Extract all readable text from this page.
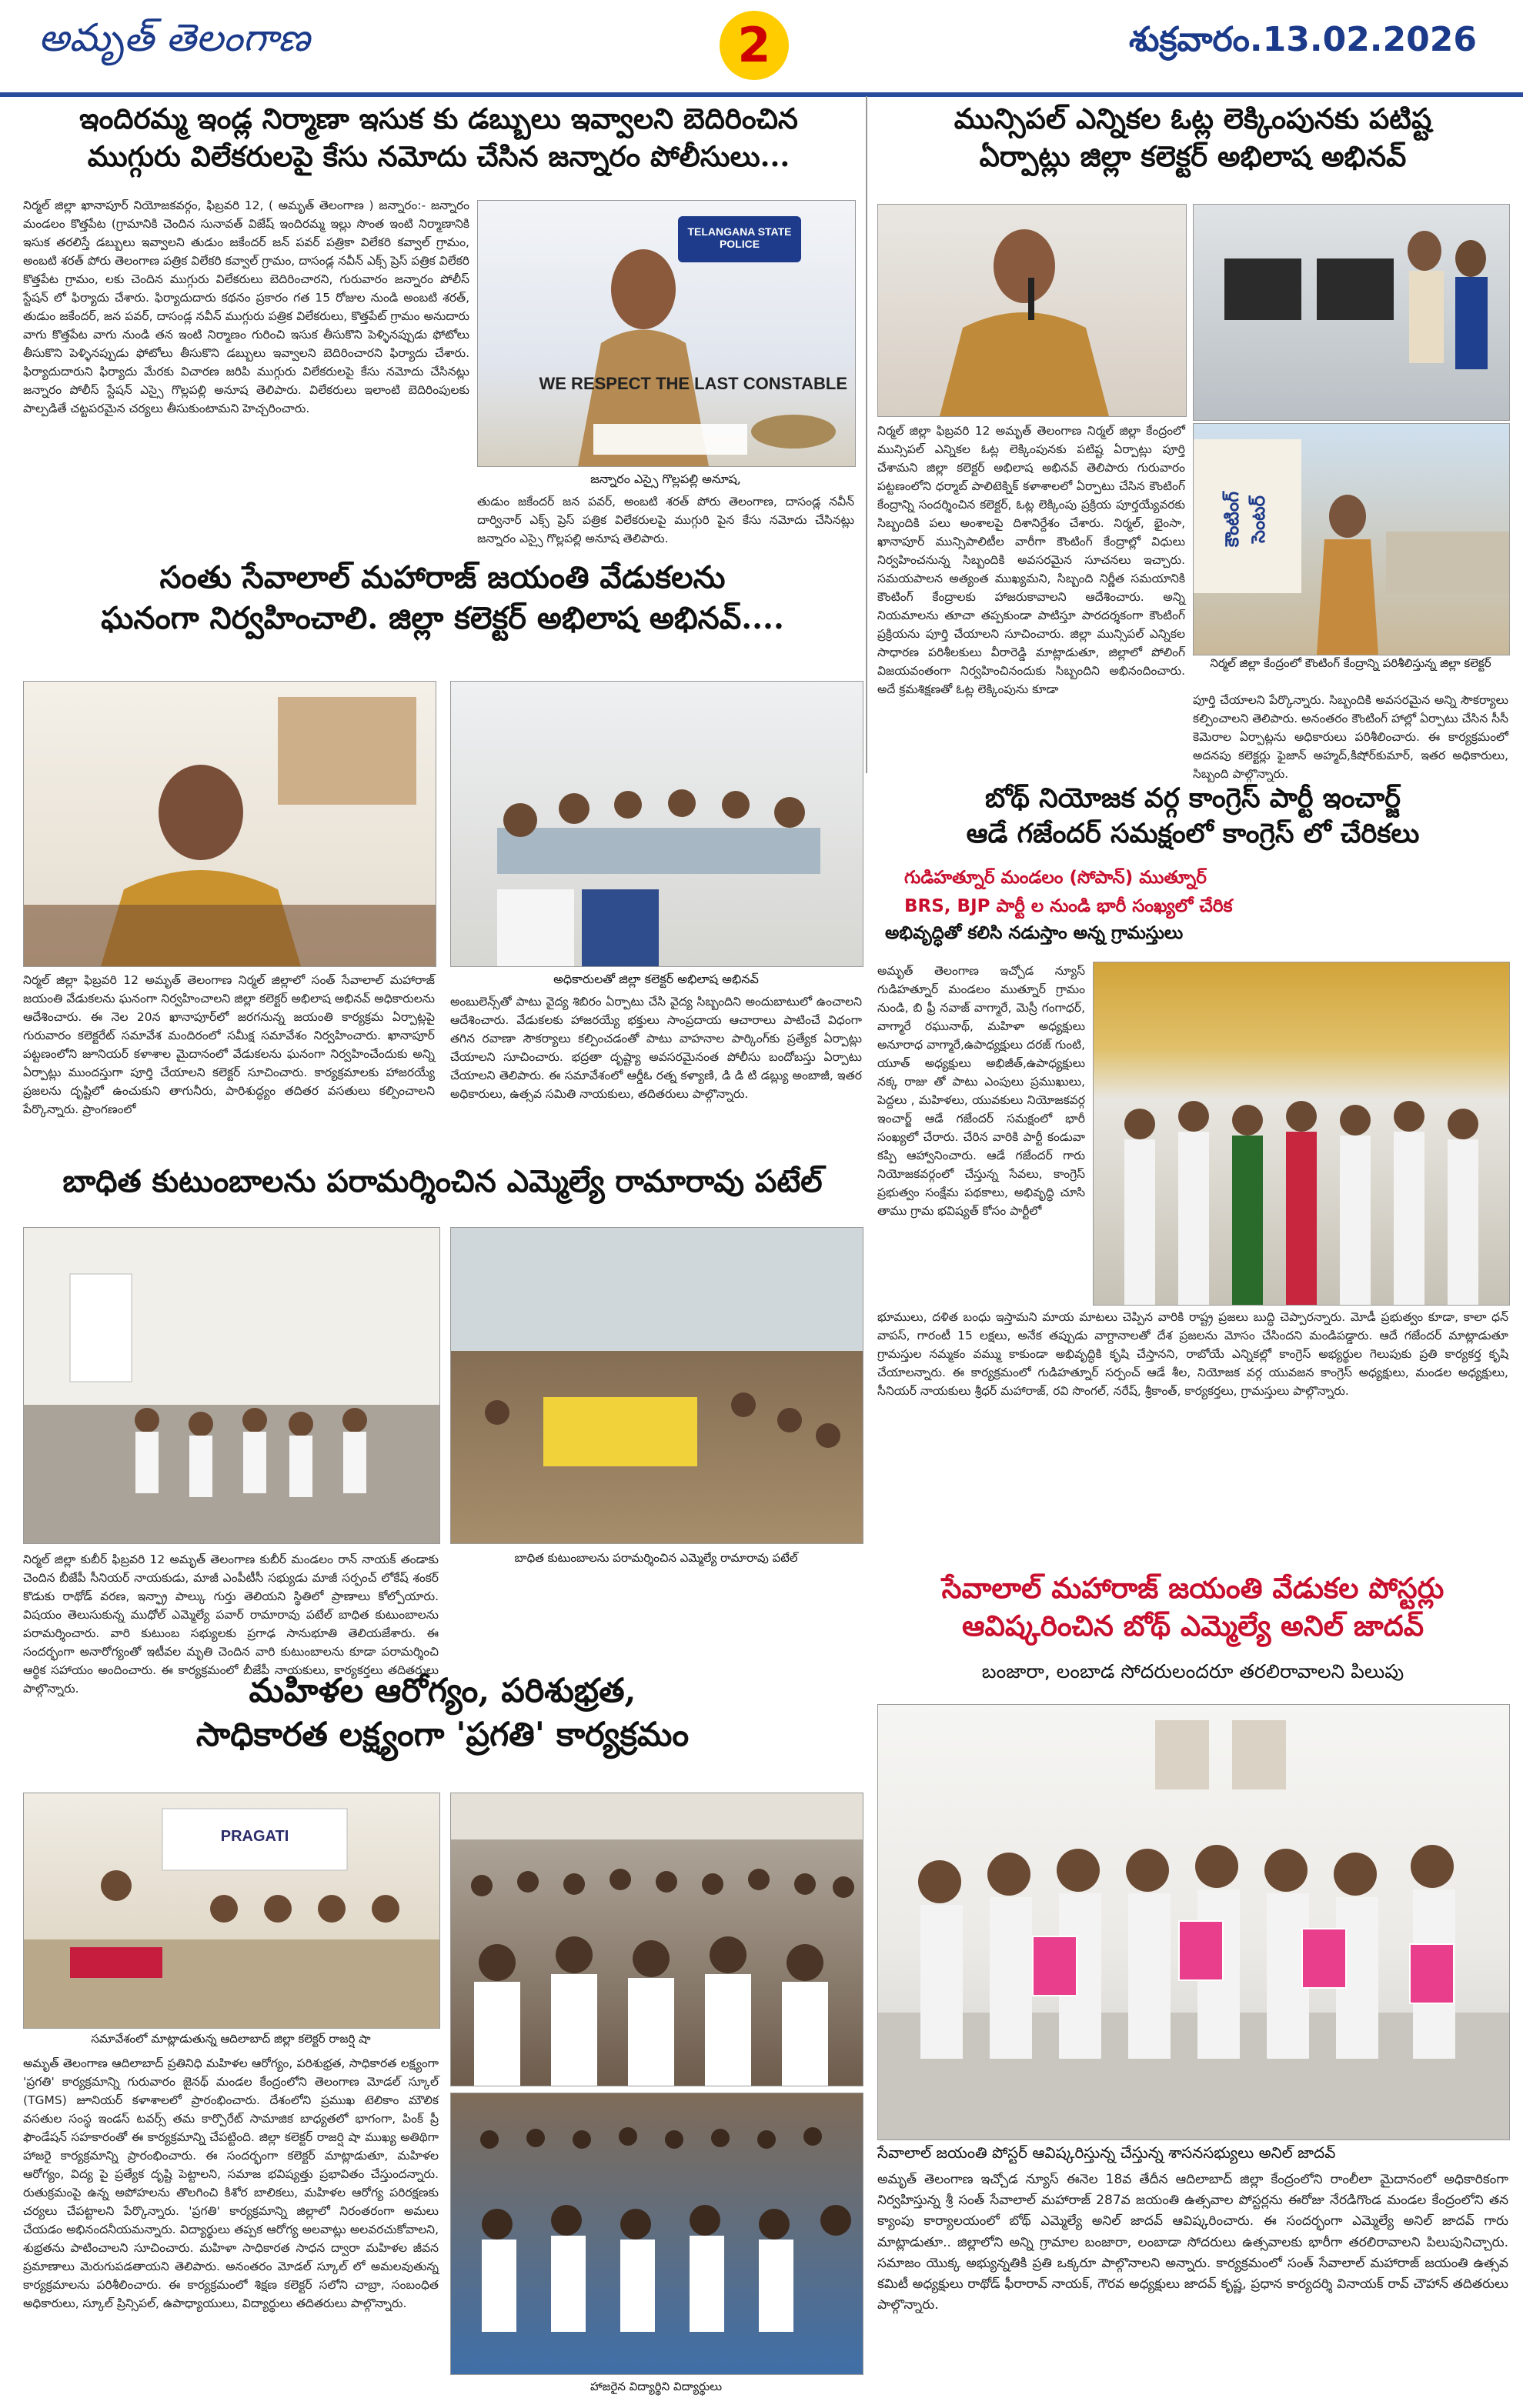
అమృత్ తెలంగాణ	2	శుక్రవారం.13.02.2026
ఇందిరమ్మ ఇండ్ల నిర్మాణా ఇసుక కు డబ్బులు ఇవ్వాలని బెదిరించిన
ముగ్గురు విలేకరులపై కేసు నమోదు చేసిన జన్నారం పోలీసులు...
నిర్మల్ జిల్లా ఖానాపూర్ నియోజకవర్గం, ఫిబ్రవరి 12, ( అమృత్ తెలంగాణ ) జన్నారం:- జన్నారం మండలం కొత్తపేట (గ్రామానికి చెందిన సునావత్ విజేష్ ఇందిరమ్మ ఇల్లు సొంత ఇంటి నిర్మాణానికి ఇసుక తరలిస్తే డబ్బులు ఇవ్వాలని తుడుం జకేందర్ జన్ పవర్ పత్రికా విలేకరి కవ్వాల్ గ్రామం, అంబటి శరత్ పోరు తెలంగాణ పత్రిక విలేకరి కవ్వాల్ గ్రామం, దాసండ్ల నవీన్ ఎక్స్ ప్రెస్ పత్రిక విలేకరి కొత్తపేట గ్రామం, లకు చెందిన ముగ్గురు విలేకరులు బెదిరించారని, గురువారం జన్నారం పోలీస్ స్టేషన్ లో ఫిర్యాదు చేశారు. ఫిర్యాదుదారు కథనం ప్రకారం గత 15 రోజుల నుండి అంబటి శరత్, తుడుం జకేందర్, జన పవర్, దాసండ్ల నవీన్ ముగ్గురు పత్రిక విలేకరులు, కొత్తపేట్ గ్రామం అనుదారు వాగు కొత్తపేట వాగు నుండి తన ఇంటి నిర్మాణం గురించి ఇసుక తీసుకొని పెళ్ళినప్పుడు ఫోటోలు తీసుకొని పెళ్ళినప్పుడు ఫోటోలు తీసుకొని డబ్బులు ఇవ్వాలని బెదిరించారని ఫిర్యాదు చేశారు. ఫిర్యాదుదారుని ఫిర్యాదు మేరకు విచారణ జరిపి ముగ్గురు విలేకరులపై కేసు నమోదు చేసినట్లు జన్నారం పోలీస్ స్టేషన్ ఎస్సై గొల్లపల్లి అనూష తెలిపారు. విలేకరులు ఇలాంటి బెదిరింపులకు పాల్పడితే చట్టపరమైన చర్యలు తీసుకుంటామని హెచ్చరించారు.
TELANGANA STATE POLICE
WE RESPECT THE LAST CONSTABLE
జన్నారం ఎస్సై గొల్లపల్లి అనూష,
తుడుం జకేందర్ జన పవర్, అంబటి శరత్ పోరు తెలంగాణ, దాసండ్ల నవీన్ దార్వినార్ ఎక్స్ ప్రెస్ పత్రిక విలేకరులపై ముగ్గురి పైన కేసు నమోదు చేసినట్లు జన్నారం ఎస్సై గొల్లపల్లి అనూష తెలిపారు.
మున్సిపల్ ఎన్నికల ఓట్ల లెక్కింపునకు పటిష్ట
ఏర్పాట్లు జిల్లా కలెక్టర్ అభిలాష అభినవ్
కౌంటింగ్ సెంటర్
నిర్మల్ జిల్లా కేంద్రంలో కౌంటింగ్ కేంద్రాన్ని పరిశీలిస్తున్న జిల్లా కలెక్టర్
నిర్మల్ జిల్లా ఫిబ్రవరి 12 అమృత్ తెలంగాణ నిర్మల్ జిల్లా కేంద్రంలో మున్సిపల్ ఎన్నికల ఓట్ల లెక్కింపునకు పటిష్ట ఏర్పాట్లు పూర్తి చేశామని జిల్లా కలెక్టర్ అభిలాష అభినవ్ తెలిపారు గురువారం పట్టణంలోని ధర్మాబ్ పాలిటెక్నిక్ కళాశాలలో ఏర్పాటు చేసిన కౌంటింగ్ కేంద్రాన్ని సందర్శించిన కలెక్టర్, ఓట్ల లెక్కింపు ప్రక్రియ పూర్తయ్యేవరకు సిబ్బందికి పలు అంశాలపై దిశానిర్దేశం చేశారు. నిర్మల్, భైంసా, ఖానాపూర్ మున్సిపాలిటీల వారీగా కౌంటింగ్ కేంద్రాల్లో విధులు నిర్వహించనున్న సిబ్బందికి అవసరమైన సూచనలు ఇచ్చారు. సమయపాలన అత్యంత ముఖ్యమని, సిబ్బంది నిర్ణీత సమయానికి కౌంటింగ్ కేంద్రాలకు హాజరుకావాలని ఆదేశించారు. అన్ని నియమాలను తూచా తప్పకుండా పాటిస్తూ పారదర్శకంగా కౌంటింగ్ ప్రక్రియను పూర్తి చేయాలని సూచించారు. జిల్లా మున్సిపల్ ఎన్నికల సాధారణ పరిశీలకులు వీరారెడ్డి మాట్లాడుతూ, జిల్లాలో పోలింగ్ విజయవంతంగా నిర్వహించినందుకు సిబ్బందిని అభినందించారు. అదే క్రమశిక్షణతో ఓట్ల లెక్కింపును కూడా
పూర్తి చేయాలని పేర్కొన్నారు. సిబ్బందికి అవసరమైన అన్ని సౌకర్యాలు కల్పించాలని తెలిపారు. అనంతరం కౌంటింగ్ హాల్లో ఏర్పాటు చేసిన సీసీ కెమెరాల ఏర్పాట్లను అధికారులు పరిశీలించారు. ఈ కార్యక్రమంలో అదనపు కలెక్టర్లు ఫైజాన్ అహ్మద్,కిషోర్‌కుమార్, ఇతర అధికారులు, సిబ్బంది పాల్గొన్నారు.
సంతు సేవాలాల్ మహారాజ్ జయంతి వేడుకలను
ఘనంగా నిర్వహించాలి. జిల్లా కలెక్టర్ అభిలాష అభినవ్....
అధికారులతో జిల్లా కలెక్టర్ అభిలాష అభినవ్
నిర్మల్ జిల్లా ఫిబ్రవరి 12 అమృత్ తెలంగాణ నిర్మల్ జిల్లాలో సంత్ సేవాలాల్ మహారాజ్ జయంతి వేడుకలను ఘనంగా నిర్వహించాలని జిల్లా కలెక్టర్ అభిలాష అభినవ్ అధికారులను ఆదేశించారు. ఈ నెల 20న ఖానాపూర్‌లో జరగనున్న జయంతి కార్యక్రమ ఏర్పాట్లపై గురువారం కలెక్టరేట్ సమావేశ మందిరంలో సమీక్ష సమావేశం నిర్వహించారు. ఖానాపూర్ పట్టణంలోని జూనియర్ కళాశాల మైదానంలో వేడుకలను ఘనంగా నిర్వహించేందుకు అన్ని ఏర్పాట్లు ముందస్తుగా పూర్తి చేయాలని కలెక్టర్ సూచించారు. కార్యక్రమాలకు హాజరయ్యే ప్రజలను దృష్టిలో ఉంచుకుని తాగునీరు, పారిశుద్ధ్యం తదితర వసతులు కల్పించాలని పేర్కొన్నారు. ప్రాంగణంలో
అంబులెన్స్‌తో పాటు వైద్య శిబిరం ఏర్పాటు చేసి వైద్య సిబ్బందిని అందుబాటులో ఉంచాలని ఆదేశించారు. వేడుకలకు హాజరయ్యే భక్తులు సాంప్రదాయ ఆచారాలు పాటించే విధంగా తగిన రవాణా సౌకర్యాలు కల్పించడంతో పాటు వాహనాల పార్కింగ్‌కు ప్రత్యేక ఏర్పాట్లు చేయాలని సూచించారు. భద్రతా దృష్ట్యా అవసరమైనంత పోలీసు బందోబస్తు ఏర్పాటు చేయాలని తెలిపారు. ఈ సమావేశంలో ఆర్డీఓ రత్న కళ్యాణి, డి డి టి డబ్ల్యు అంబాజీ, ఇతర అధికారులు, ఉత్సవ సమితి నాయకులు, తదితరులు పాల్గొన్నారు.
బోథ్ నియోజక వర్గ కాంగ్రెస్ పార్టీ ఇంచార్జ్
ఆడే గజేందర్ సమక్షంలో కాంగ్రెస్ లో చేరికలు
గుడిహత్నూర్ మండలం (సోపాన్) ముత్నూర్
BRS, BJP పార్టీ ల నుండి భారీ సంఖ్యలో చేరిక
అభివృద్ధితో కలిసి నడుస్తాం అన్న గ్రామస్తులు
అమృత్ తెలంగాణ ఇచ్చోడ న్యూస్ గుడిహత్నూర్ మండలం ముత్నూర్ గ్రామం నుండి, బి ఫ్రీ నవాజ్ వాగ్మారే, మెస్రీ గంగాధర్, వాగ్మారే రఘునాథ్, మహిళా అధ్యక్షులు అనూరాధ వాగ్మారే,ఉపాధ్యక్షులు దరజ్ గుంటి, యూత్ అధ్యక్షులు అభిజీత్,ఉపాధ్యక్షులు నక్క రాజు తో పాటు ఎంపులు ప్రముఖులు, పెద్దలు , మహిళలు, యువకులు నియోజకవర్గ ఇంచార్జ్ ఆడే గజేందర్ సమక్షంలో భారీ సంఖ్యలో చేరారు. చేరిన వారికి పార్టీ కండువా కప్పి ఆహ్వానించారు. ఆడే గజేందర్ గారు నియోజకవర్గంలో చేస్తున్న సేవలు, కాంగ్రెస్ ప్రభుత్వం సంక్షేమ పథకాలు, అభివృద్ధి చూసి తాము గ్రామ భవిష్యత్ కోసం పార్టీలో
భూములు, దళిత బంధు ఇస్తామని మాయ మాటలు చెప్పిన వారికి రాష్ట్ర ప్రజలు బుద్ధి చెప్పారన్నారు. మోడీ ప్రభుత్వం కూడా, కాలా ధన్ వాపస్, గారంటీ 15 లక్షలు, అనేక తప్పుడు వాగ్దానాలతో దేశ ప్రజలను మోసం చేసిందని మండిపడ్డారు. ఆదే గజేందర్ మాట్లాడుతూ గ్రామస్తుల నమ్మకం వమ్ము కాకుండా అభివృద్ధికి కృషి చేస్తానని, రాబోయే ఎన్నికల్లో కాంగ్రెస్ అభ్యర్థుల గెలుపుకు ప్రతి కార్యకర్త కృషి చేయాలన్నారు. ఈ కార్యక్రమంలో గుడిహత్నూర్ సర్పంచ్ ఆడే శీల, నియోజక వర్గ యువజన కాంగ్రెస్ అధ్యక్షులు, మండల అధ్యక్షులు, సీనియర్ నాయకులు శ్రీధర్ మహారాజ్, రవి సొంగల్, నరేష్, శ్రీకాంత్, కార్యకర్తలు, గ్రామస్తులు పాల్గొన్నారు.
బాధిత కుటుంబాలను పరామర్శించిన ఎమ్మెల్యే రామారావు పటేల్
నిర్మల్ జిల్లా కుబీర్ ఫిబ్రవరి 12 అమృత్ తెలంగాణ కుబీర్ మండలం రాన్ నాయక్ తండాకు చెందిన బీజేపీ సీనియర్ నాయకుడు, మాజీ ఎంపీటీసీ సభ్యుడు మాజీ సర్పంచ్ లోకేష్ శంకర్ కొడుకు రాథోడ్ వరణ, ఇన్ఫ్రా పాల్కు గుర్తు తెలియని స్థితిలో ప్రాణాలు కోల్పోయారు. విషయం తెలుసుకున్న ముధోల్ ఎమ్మెల్యే పవార్ రామారావు పటేల్ బాధిత కుటుంబాలను పరామర్శించారు. వారి కుటుంబ సభ్యులకు ప్రగాఢ సానుభూతి తెలియజేశారు. ఈ సందర్భంగా అనారోగ్యంతో ఇటీవల మృతి చెందిన వారి కుటుంబాలను కూడా పరామర్శించి ఆర్థిక సహాయం అందించారు. ఈ కార్యక్రమంలో బీజేపీ నాయకులు, కార్యకర్తలు తదితరులు పాల్గొన్నారు.
బాధిత కుటుంబాలను పరామర్శించిన ఎమ్మెల్యే రామారావు పటేల్
సేవాలాల్ మహారాజ్ జయంతి వేడుకల పోస్టర్లు
ఆవిష్కరించిన బోథ్ ఎమ్మెల్యే అనిల్ జాదవ్
బంజారా, లంబాడ సోదరులందరూ తరలిరావాలని పిలుపు
సేవాలాల్ జయంతి పోస్టర్ ఆవిష్కరిస్తున్న చేస్తున్న శాసనసభ్యులు అనిల్ జాదవ్
అమృత్ తెలంగాణ ఇచ్చోడ న్యూస్ ఈనెల 18వ తేదీన ఆదిలాబాద్ జిల్లా కేంద్రంలోని రాంలీలా మైదానంలో అధికారికంగా నిర్వహిస్తున్న శ్రీ సంత్ సేవాలాల్ మహారాజ్ 287వ జయంతి ఉత్సవాల పోస్టర్లను ఈరోజు నేరడిగొండ మండల కేంద్రంలోని తన క్యాంపు కార్యాలయంలో బోథ్ ఎమ్మెల్యే అనిల్ జాదవ్ ఆవిష్కరించారు. ఈ సందర్భంగా ఎమ్మెల్యే అనిల్ జాదవ్ గారు మాట్లాడుతూ.. జిల్లాలోని అన్ని గ్రామాల బంజారా, లంబాడా సోదరులు ఉత్సవాలకు భారీగా తరలిరావాలని పిలుపునిచ్చారు. సమాజం యొక్క అభ్యున్నతికి ప్రతి ఒక్కరూ పాల్గొనాలని అన్నారు. కార్యక్రమంలో సంత్ సేవాలాల్ మహారాజ్ జయంతి ఉత్సవ కమిటీ అధ్యక్షులు రాథోడ్ ఫీరారావ్ నాయక్, గౌరవ అధ్యక్షులు జాదవ్ కృష్ణ, ప్రధాన కార్యదర్శి వినాయక్ రావ్ చౌహాన్ తదితరులు పాల్గొన్నారు.
మహిళల ఆరోగ్యం, పరిశుభ్రత,
సాధికారత లక్ష్యంగా 'ప్రగతి' కార్యక్రమం
PRAGATI
సమావేశంలో మాట్లాడుతున్న ఆదిలాబాద్ జిల్లా కలెక్టర్ రాజర్షి షా
అమృత్ తెలంగాణ ఆదిలాబాద్ ప్రతినిధి మహిళల ఆరోగ్యం, పరిశుభ్రత, సాధికారత లక్ష్యంగా 'ప్రగతి' కార్యక్రమాన్ని గురువారం జైనథ్ మండల కేంద్రంలోని తెలంగాణ మోడల్ స్కూల్ (TGMS) జూనియర్ కళాశాలలో ప్రారంభించారు. దేశంలోని ప్రముఖ టెలికాం మౌలిక వసతుల సంస్థ ఇండస్ టవర్స్ తమ కార్పొరేట్ సామాజిక బాధ్యతలో భాగంగా, పింక్ ప్రీ ఫౌండేషన్ సహకారంతో ఈ కార్యక్రమాన్ని చేపట్టింది. జిల్లా కలెక్టర్ రాజర్షి షా ముఖ్య అతిథిగా హాజరై కార్యక్రమాన్ని ప్రారంభించారు. ఈ సందర్భంగా కలెక్టర్ మాట్లాడుతూ, మహిళల ఆరోగ్యం, విద్య పై ప్రత్యేక దృష్టి పెట్టాలని, సమాజ భవిష్యత్తు ప్రభావితం చేస్తుందన్నారు. రుతుక్రమంపై ఉన్న అపోహలను తొలగించి కిశోర బాలికలు, మహిళల ఆరోగ్య పరిరక్షణకు చర్యలు చేపట్టాలని పేర్కొన్నారు. 'ప్రగతి' కార్యక్రమాన్ని జిల్లాలో నిరంతరంగా అమలు చేయడం అభినందనీయమన్నారు. విద్యార్థులు తప్పక ఆరోగ్య అలవాట్లు అలవరచుకోవాలని, శుభ్రతను పాటించాలని సూచించారు. మహిళా సాధికారత సాధన ద్వారా మహిళల జీవన ప్రమాణాలు మెరుగుపడతాయని తెలిపారు. అనంతరం మోడల్ స్కూల్ లో అమలవుతున్న కార్యక్రమాలను పరిశీలించారు. ఈ కార్యక్రమంలో శిక్షణ కలెక్టర్ సలోని చాబ్రా, సంబంధిత అధికారులు, స్కూల్ ప్రిన్సిపల్, ఉపాధ్యాయులు, విద్యార్థులు తదితరులు పాల్గొన్నారు.
హాజరైన విద్యార్థిని విద్యార్థులు
